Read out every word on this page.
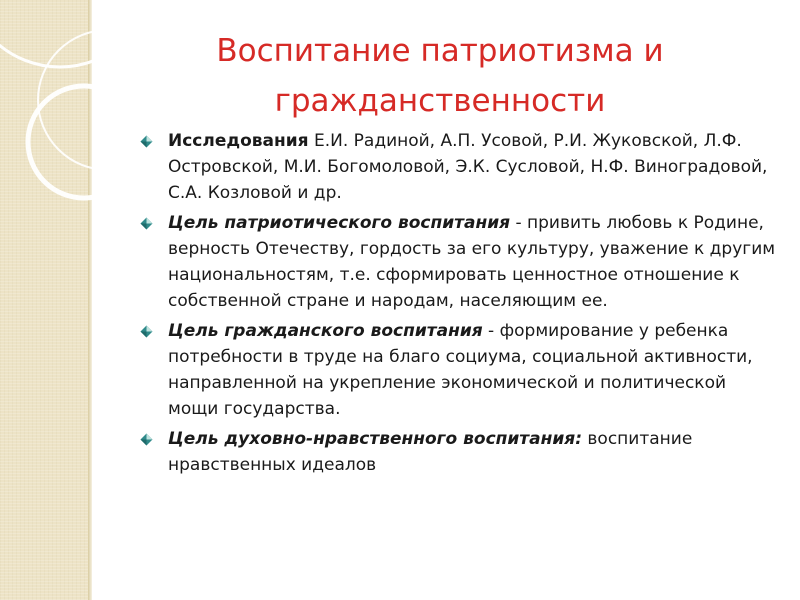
Воспитание патриотизма и гражданственности
Исследования Е.И. Радиной, А.П. Усовой, Р.И. Жуковской, Л.Ф. Островской, М.И. Богомоловой, Э.К. Сусловой, Н.Ф. Виноградовой, С.А. Козловой и др.
Цель патриотического воспитания - привить любовь к Родине, верность Отечеству, гордость за его культуру, уважение к другим национальностям, т.е. сформировать ценностное отношение к собственной стране и народам, населяющим ее.
Цель гражданского воспитания - формирование у ребенка потребности в труде на благо социума, социальной активности, направленной на укрепление экономической и политической мощи государства.
Цель духовно-нравственного воспитания: воспитание нравственных идеалов
